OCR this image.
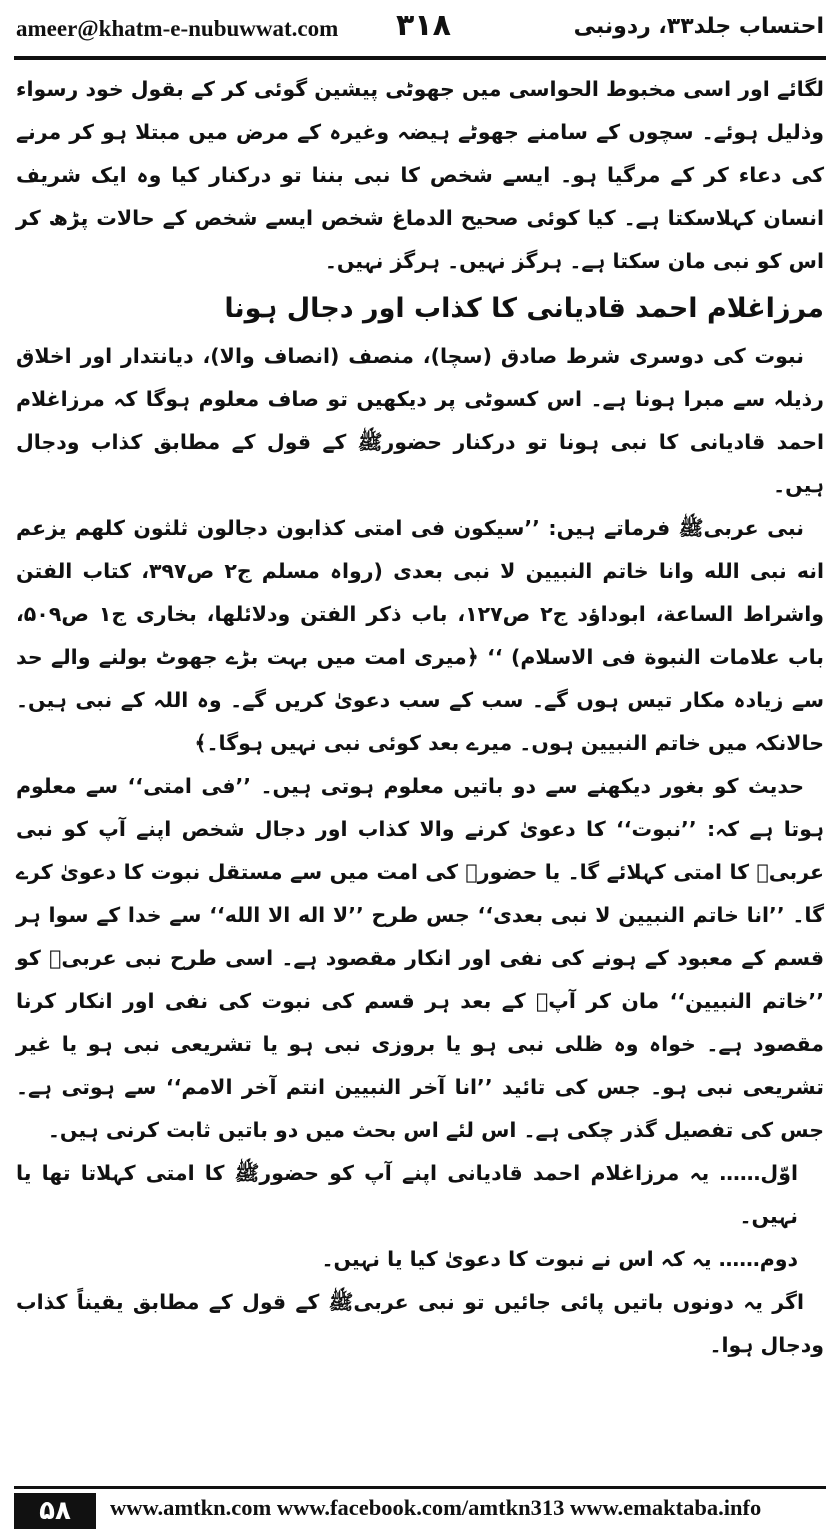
ameer@khatm-e-nubuwwat.com ۳۱۸	احتساب جلد۳۳، ردونبی

لگائے اور اسی مخبوط الحواسی میں جھوٹی پیشین گوئی کر کے بقول خود رسواء وذلیل ہوئے۔ سچوں کے سامنے جھوٹے ہیضہ وغیرہ کے مرض میں مبتلا ہو کر مرنے کی دعاء کر کے مرگیا ہو۔ ایسے شخص کا نبی بننا تو درکنار کیا وہ ایک شریف انسان کہلاسکتا ہے۔ کیا کوئی صحیح الدماغ شخص ایسے شخص کے حالات پڑھ کر اس کو نبی مان سکتا ہے۔ ہرگز نہیں۔ ہرگز نہیں۔

مرزاغلام احمد قادیانی کا کذاب اور دجال ہونا

نبوت کی دوسری شرط صادق (سچا)، منصف (انصاف والا)، دیانتدار اور اخلاق رذیلہ سے مبرا ہونا ہے۔ اس کسوٹی پر دیکھیں تو صاف معلوم ہوگا کہ مرزاغلام احمد قادیانی کا نبی ہونا تو درکنار حضورﷺ کے قول کے مطابق کذاب ودجال ہیں۔

نبی عربیﷺ فرماتے ہیں: ’’سیکون فی امتی کذابون دجالون ثلثون کلهم یزعم انه نبی الله وانا خاتم النبیین لا نبی بعدی (رواہ مسلم ج۲ ص۳۹۷، کتاب الفتن واشراط الساعة، ابوداؤد ج۲ ص۱۲۷، باب ذکر الفتن ودلائلها، بخاری ج۱ ص۵۰۹، باب علامات النبوة فی الاسلام) ‘‘ ﴿میری امت میں بہت بڑے جھوٹ بولنے والے حد سے زیادہ مکار تیس ہوں گے۔ سب کے سب دعویٰ کریں گے۔ وہ اللہ کے نبی ہیں۔ حالانکہ میں خاتم النبیین ہوں۔ میرے بعد کوئی نبی نہیں ہوگا۔﴾

حدیث کو بغور دیکھنے سے دو باتیں معلوم ہوتی ہیں۔ ’’فی امتی‘‘ سے معلوم ہوتا ہے کہ: ’’نبوت‘‘ کا دعویٰ کرنے والا کذاب اور دجال شخص اپنے آپ کو نبی عربیﷺ کا امتی کہلائے گا۔ یا حضورﷺ کی امت میں سے مستقل نبوت کا دعویٰ کرے گا۔ ’’انا خاتم النبیین لا نبی بعدی‘‘ جس طرح ’’لا اله الا الله‘‘ سے خدا کے سوا ہر قسم کے معبود کے ہونے کی نفی اور انکار مقصود ہے۔ اسی طرح نبی عربیﷺ کو ’’خاتم النبیین‘‘ مان کر آپؐ کے بعد ہر قسم کی نبوت کی نفی اور انکار کرنا مقصود ہے۔ خواہ وہ ظلی نبی ہو یا بروزی نبی ہو یا تشریعی نبی ہو یا غیر تشریعی نبی ہو۔ جس کی تائید ’’انا آخر النبیین انتم آخر الامم‘‘ سے ہوتی ہے۔ جس کی تفصیل گذر چکی ہے۔ اس لئے اس بحث میں دو باتیں ثابت کرنی ہیں۔

اوّل…… یہ مرزاغلام احمد قادیانی اپنے آپ کو حضورﷺ کا امتی کہلاتا تھا یا نہیں۔

دوم…… یہ کہ اس نے نبوت کا دعویٰ کیا یا نہیں۔

اگر یہ دونوں باتیں پائی جائیں تو نبی عربیﷺ کے قول کے مطابق یقیناً کذاب ودجال ہوا۔

۵۸	www.amtkn.com www.facebook.com/amtkn313 www.emaktaba.info
